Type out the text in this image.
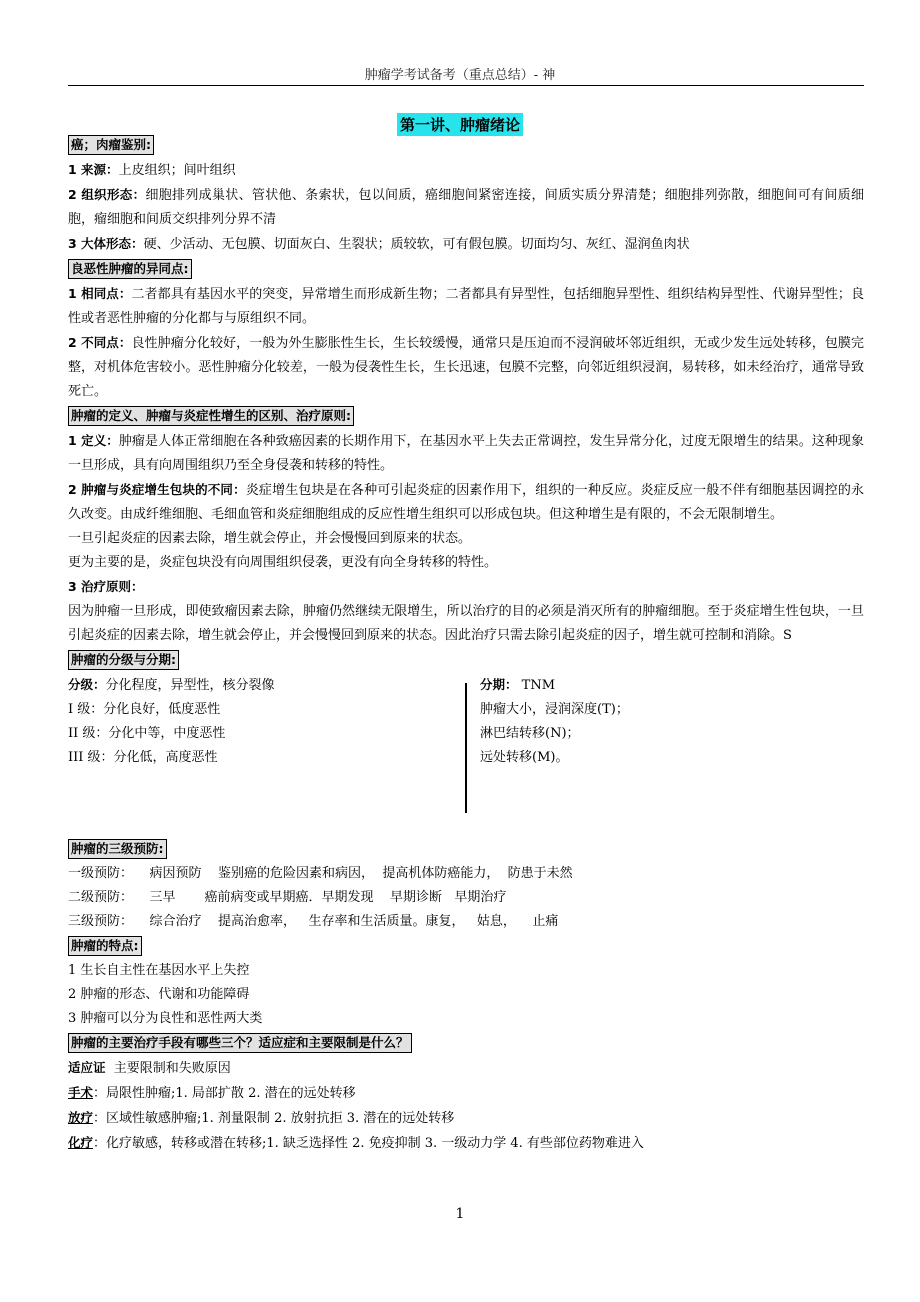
肿瘤学考试备考（重点总结）- 神
第一讲、肿瘤绪论
癌；肉瘤鉴别:
1 来源：上皮组织；间叶组织
2 组织形态：细胞排列成巢状、管状他、条索状，包以间质，癌细胞间紧密连接，间质实质分界清楚；细胞排列弥散，细胞间可有间质细胞，瘤细胞和间质交织排列分界不清
3 大体形态：硬、少活动、无包膜、切面灰白、生裂状；质较软，可有假包膜。切面均匀、灰红、湿润鱼肉状
良恶性肿瘤的异同点:
1 相同点：二者都具有基因水平的突变，异常增生而形成新生物；二者都具有异型性，包括细胞异型性、组织结构异型性、代谢异型性；良性或者恶性肿瘤的分化都与与原组织不同。
2 不同点：良性肿瘤分化较好，一般为外生膨胀性生长，生长较缓慢，通常只是压迫而不浸润破坏邻近组织，无或少发生远处转移，包膜完整，对机体危害较小。恶性肿瘤分化较差，一般为侵袭性生长，生长迅速，包膜不完整，向邻近组织浸润，易转移，如未经治疗，通常导致死亡。
肿瘤的定义、肿瘤与炎症性增生的区别、治疗原则:
1 定义：肿瘤是人体正常细胞在各种致癌因素的长期作用下，在基因水平上失去正常调控，发生异常分化，过度无限增生的结果。这种现象一旦形成，具有向周围组织乃至全身侵袭和转移的特性。
2 肿瘤与炎症增生包块的不同：炎症增生包块是在各种可引起炎症的因素作用下，组织的一种反应。炎症反应一般不伴有细胞基因调控的永久改变。由成纤维细胞、毛细血管和炎症细胞组成的反应性增生组织可以形成包块。但这种增生是有限的，不会无限制增生。
一旦引起炎症的因素去除，增生就会停止，并会慢慢回到原来的状态。
更为主要的是，炎症包块没有向周围组织侵袭，更没有向全身转移的特性。
3 治疗原则：
因为肿瘤一旦形成，即使致瘤因素去除，肿瘤仍然继续无限增生，所以治疗的目的必须是消灭所有的肿瘤细胞。至于炎症增生性包块，一旦引起炎症的因素去除，增生就会停止，并会慢慢回到原来的状态。因此治疗只需去除引起炎症的因子，增生就可控制和消除。S
肿瘤的分级与分期:
分级：分化程度，异型性，核分裂像
I 级：分化良好，低度恶性
II 级：分化中等，中度恶性
III 级：分化低，高度恶性
分期： TNM
肿瘤大小，浸润深度(T)；
淋巴结转移(N)；
远处转移(M)。
肿瘤的三级预防:
一级预防：    病因预防    鉴别癌的危险因素和病因，  提高机体防癌能力，  防患于未然
二级预防：    三早       癌前病变或早期癌．早期发现    早期诊断   早期治疗
三级预防：    综合治疗    提高治愈率，   生存率和生活质量。康复，   姑息，    止痛
肿瘤的特点:
1 生长自主性在基因水平上失控
2 肿瘤的形态、代谢和功能障碍
3 肿瘤可以分为良性和恶性两大类
肿瘤的主要治疗手段有哪些三个？适应症和主要限制是什么？
适应证  主要限制和失败原因
手术：局限性肿瘤;1. 局部扩散 2. 潜在的远处转移
放疗：区域性敏感肿瘤;1. 剂量限制 2. 放射抗拒 3. 潜在的远处转移
化疗：化疗敏感，转移或潜在转移;1. 缺乏选择性 2. 免疫抑制 3. 一级动力学 4. 有些部位药物难进入
1
